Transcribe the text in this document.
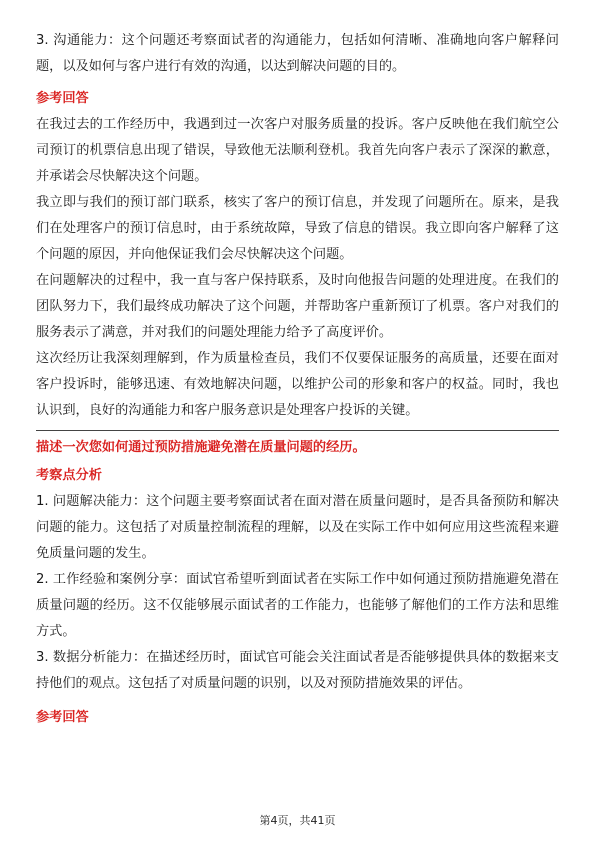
3. 沟通能力：这个问题还考察面试者的沟通能力，包括如何清晰、准确地向客户解释问题，以及如何与客户进行有效的沟通，以达到解决问题的目的。

参考回答

在我过去的工作经历中，我遇到过一次客户对服务质量的投诉。客户反映他在我们航空公司预订的机票信息出现了错误，导致他无法顺利登机。我首先向客户表示了深深的歉意，并承诺会尽快解决这个问题。

我立即与我们的预订部门联系，核实了客户的预订信息，并发现了问题所在。原来，是我们在处理客户的预订信息时，由于系统故障，导致了信息的错误。我立即向客户解释了这个问题的原因，并向他保证我们会尽快解决这个问题。

在问题解决的过程中，我一直与客户保持联系，及时向他报告问题的处理进度。在我们的团队努力下，我们最终成功解决了这个问题，并帮助客户重新预订了机票。客户对我们的服务表示了满意，并对我们的问题处理能力给予了高度评价。

这次经历让我深刻理解到，作为质量检查员，我们不仅要保证服务的高质量，还要在面对客户投诉时，能够迅速、有效地解决问题，以维护公司的形象和客户的权益。同时，我也认识到，良好的沟通能力和客户服务意识是处理客户投诉的关键。

描述一次您如何通过预防措施避免潜在质量问题的经历。

考察点分析

1. 问题解决能力：这个问题主要考察面试者在面对潜在质量问题时，是否具备预防和解决问题的能力。这包括了对质量控制流程的理解，以及在实际工作中如何应用这些流程来避免质量问题的发生。

2. 工作经验和案例分享：面试官希望听到面试者在实际工作中如何通过预防措施避免潜在质量问题的经历。这不仅能够展示面试者的工作能力，也能够了解他们的工作方法和思维方式。

3. 数据分析能力：在描述经历时，面试官可能会关注面试者是否能够提供具体的数据来支持他们的观点。这包括了对质量问题的识别，以及对预防措施效果的评估。

参考回答

第4页，共41页
